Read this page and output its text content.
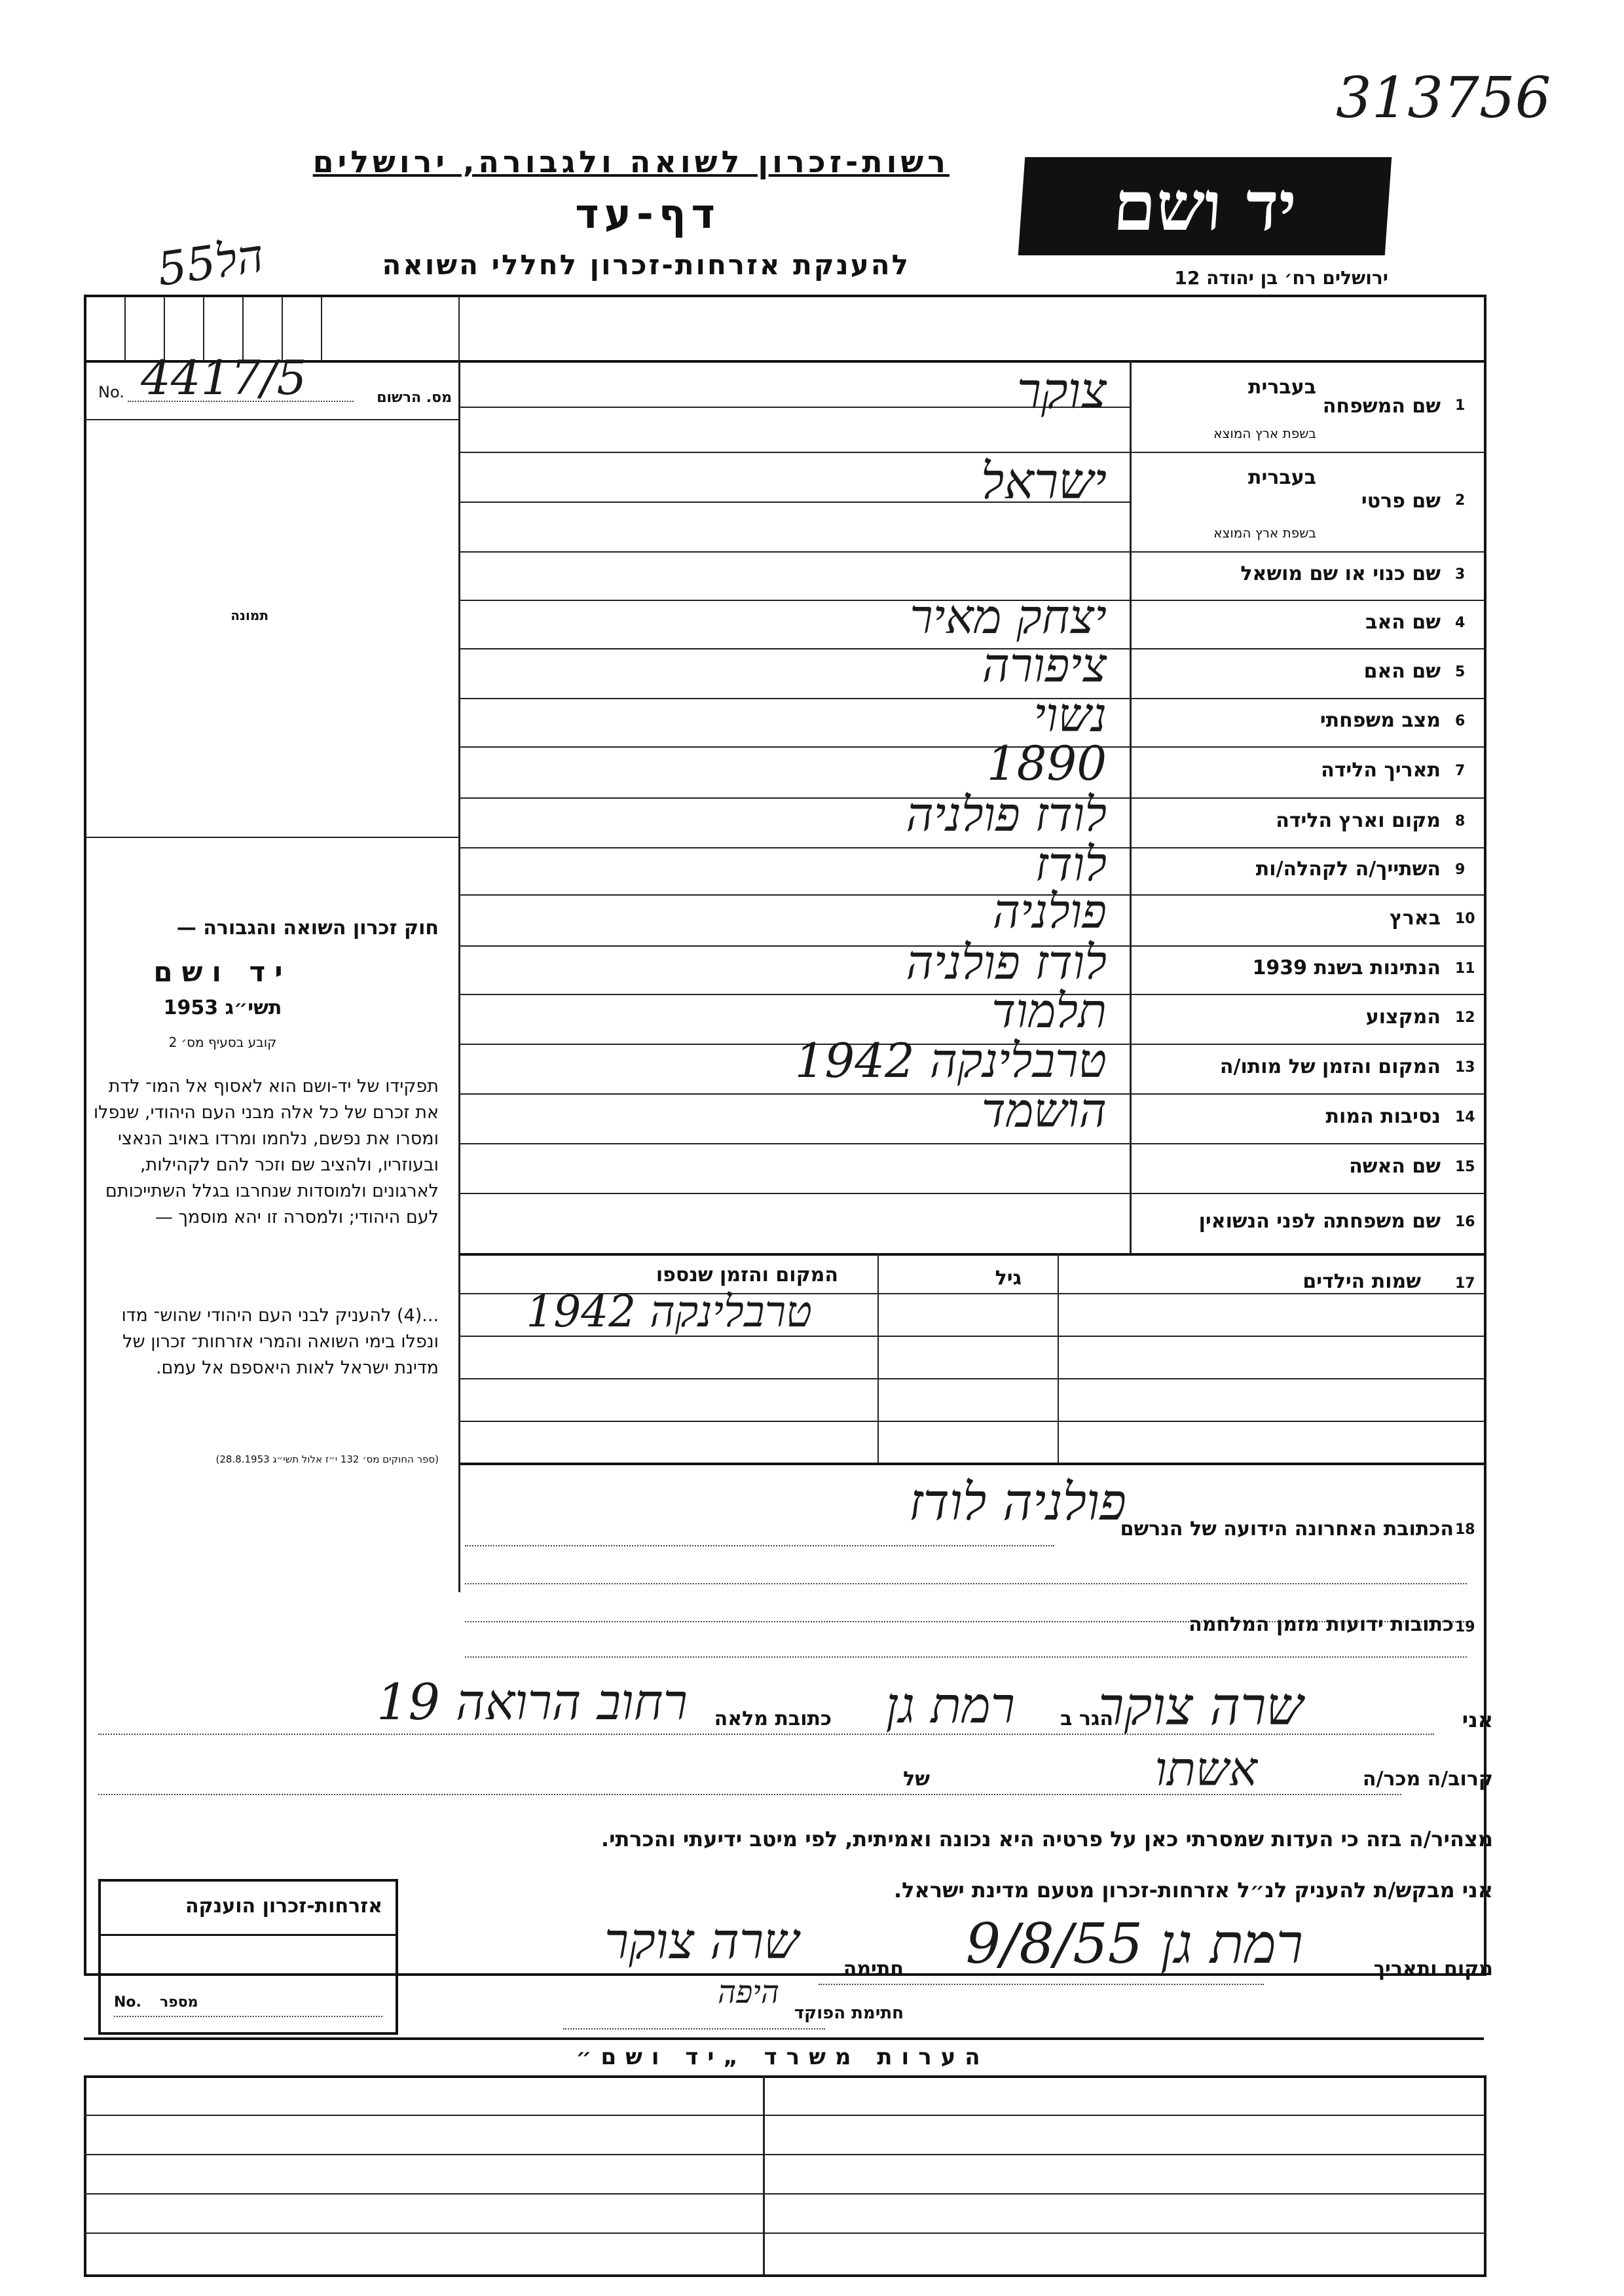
313756
רשות-זכרון לשואה ולגבורה, ירושלים
דף-עד
להענקת אזרחות-זכרון לחללי השואה
יד ושם
ירושלים רח׳ בן יהודה 12
הל55
No. 4417/5	מס. הרשום
תמונה
חוק זכרון השואה והגבורה —
יד ושם
תשי״ג 1953
קובע בסעיף מס׳ 2
תפקידו של יד-ושם הוא לאסוף אל המו־ לדת את זכרם של כל אלה מבני העם היהודי, שנפלו ומסרו את נפשם, נלחמו ומרדו באויב הנאצי ובעוזריו, ולהציב שם וזכר להם לקהילות, לארגונים ולמוסדות שנחרבו בגלל השתייכותם לעם היהודי; ולמסרה זו יהא מוסמך —
...(4) להעניק לבני העם היהודי שהוש־ מדו ונפלו בימי השואה והמרי אזרחות־ זכרון של מדינת ישראל לאות היאספם אל עמם.
(ספר החוקים מס׳ 132 י״ז אלול תשי״ג 28.8.1953)
1
שם המשפחה
בעברית
בשפת ארץ המוצא
צוקר
2
שם פרטי
בעברית
בשפת ארץ המוצא
ישראל
3
שם כנוי או שם מושאל
4
שם האב
יצחק מאיר
5
שם האם
ציפורה
6
מצב משפחתי
נשוי
7
תאריך הלידה
1890
8
מקום וארץ הלידה
לודז פולניה
9
השתייך/ה לקהלה/ות
לודז
10
בארץ
פולניה
11
הנתינות בשנת 1939
לודז פולניה
12
המקצוע
תלמוד
13
המקום והזמן של מותו/ה
טרבלינקה 1942
14
נסיבות המות
הושמד
15
שם האשה
16
שם משפחתה לפני הנשואין
17
שמות הילדים
גיל
המקום והזמן שנספו
טרבלינקה 1942
18
הכתובת האחרונה הידועה של הנרשם
פולניה לודז
19
כתובות ידועות מזמן המלחמה
אני
שרה צוקר
הגר ב
רמת גן
כתובת מלאה
רחוב הרואה 19
קרוב/ה מכר/ה
אשתו
של
מצהיר/ה בזה כי העדות שמסרתי כאן על פרטיה היא נכונה ואמיתית, לפי מיטב ידיעתי והכרתי.
אני מבקש/ת להעניק לנ״ל אזרחות-זכרון מטעם מדינת ישראל.
מקום ותאריך
רמת גן 9/8/55
חתימה
שרה צוקר
חתימת הפוקד
היפה
אזרחות-זכרון הוענקה
No. מספר
הערות משרד „יד ושם״
